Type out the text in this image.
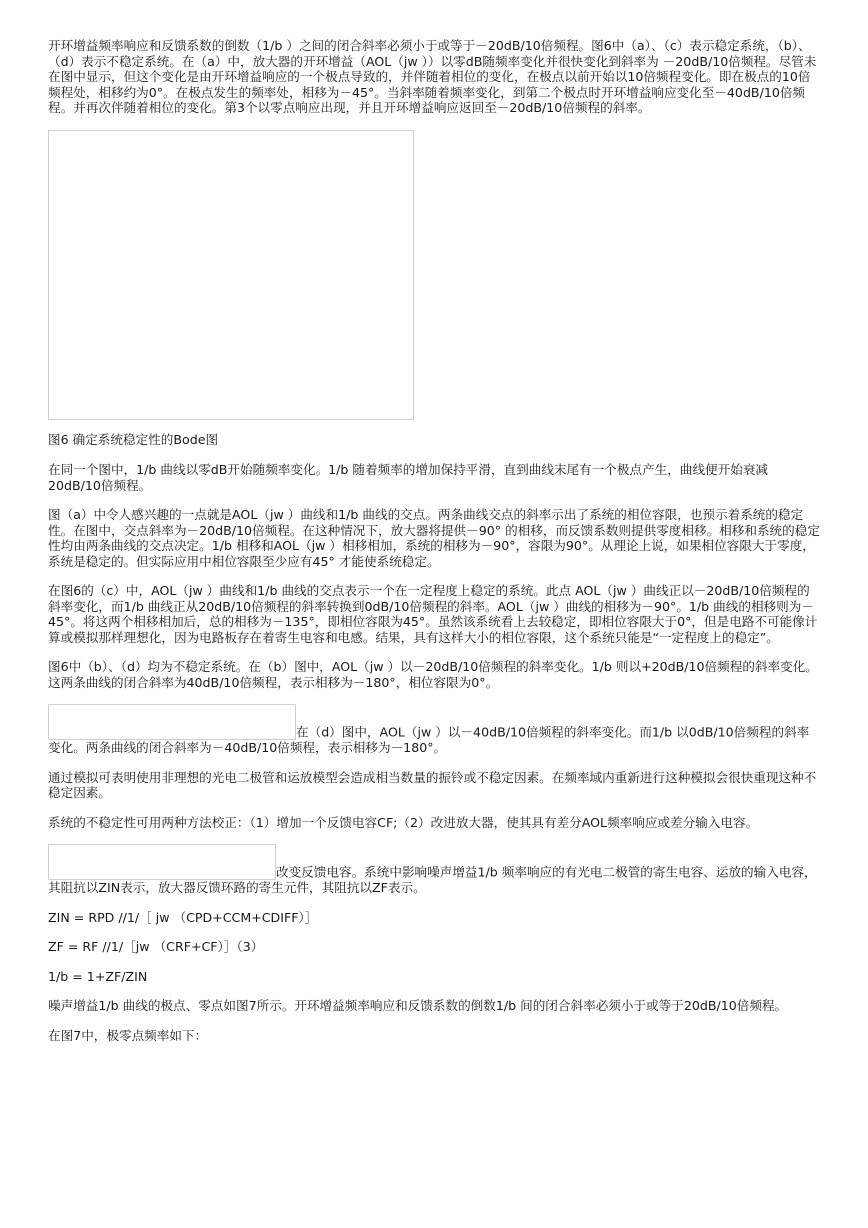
开环增益频率响应和反馈系数的倒数（1/b ）之间的闭合斜率必须小于或等于－20dB/10倍频程。图6中（a）、（c）表示稳定系统，（b）、（d）表示不稳定系统。在（a）中，放大器的开环增益（AOL（jw ））以零dB随频率变化并很快变化到斜率为 －20dB/10倍频程。尽管未在图中显示，但这个变化是由开环增益响应的一个极点导致的，并伴随着相位的变化，在极点以前开始以10倍频程变化。即在极点的10倍频程处，相移约为0°。在极点发生的频率处，相移为－45°。当斜率随着频率变化，到第二个极点时开环增益响应变化至－40dB/10倍频程。并再次伴随着相位的变化。第3个以零点响应出现，并且开环增益响应返回至－20dB/10倍频程的斜率。

图6 确定系统稳定性的Bode图

在同一个图中，1/b 曲线以零dB开始随频率变化。1/b 随着频率的增加保持平滑，直到曲线末尾有一个极点产生，曲线便开始衰减20dB/10倍频程。

图（a）中令人感兴趣的一点就是AOL（jw ）曲线和1/b 曲线的交点。两条曲线交点的斜率示出了系统的相位容限，也预示着系统的稳定性。在图中，交点斜率为－20dB/10倍频程。在这种情况下，放大器将提供－90° 的相移，而反馈系数则提供零度相移。相移和系统的稳定性均由两条曲线的交点决定。1/b 相移和AOL（jw ）相移相加，系统的相移为－90°，容限为90°。从理论上说，如果相位容限大于零度，系统是稳定的。但实际应用中相位容限至少应有45° 才能使系统稳定。

在图6的（c）中，AOL（jw ）曲线和1/b 曲线的交点表示一个在一定程度上稳定的系统。此点 AOL（jw ）曲线正以－20dB/10倍频程的斜率变化，而1/b 曲线正从20dB/10倍频程的斜率转换到0dB/10倍频程的斜率。AOL（jw ）曲线的相移为－90°。1/b 曲线的相移则为－45°。将这两个相移相加后，总的相移为－135°，即相位容限为45°。虽然该系统看上去较稳定，即相位容限大于0°，但是电路不可能像计算或模拟那样理想化，因为电路板存在着寄生电容和电感。结果，具有这样大小的相位容限，这个系统只能是“一定程度上的稳定”。

图6中（b）、（d）均为不稳定系统。在（b）图中，AOL（jw ）以－20dB/10倍频程的斜率变化。1/b 则以+20dB/10倍频程的斜率变化。这两条曲线的闭合斜率为40dB/10倍频程，表示相移为－180°，相位容限为0°。

在（d）图中，AOL（jw ）以－40dB/10倍频程的斜率变化。而1/b 以0dB/10倍频程的斜率变化。两条曲线的闭合斜率为－40dB/10倍频程，表示相移为－180°。

通过模拟可表明使用非理想的光电二极管和运放模型会造成相当数量的振铃或不稳定因素。在频率域内重新进行这种模拟会很快重现这种不稳定因素。

系统的不稳定性可用两种方法校正：（1）增加一个反馈电容CF;（2）改进放大器，使其具有差分AOL频率响应或差分输入电容。

改变反馈电容。系统中影响噪声增益1/b 频率响应的有光电二极管的寄生电容、运放的输入电容，其阻抗以ZIN表示，放大器反馈环路的寄生元件，其阻抗以ZF表示。

ZIN = RPD //1/［ jw （CPD+CCM+CDIFF）］

ZF = RF //1/［jw （CRF+CF）］（3）

1/b = 1+ZF/ZIN

噪声增益1/b 曲线的极点、零点如图7所示。开环增益频率响应和反馈系数的倒数1/b 间的闭合斜率必须小于或等于20dB/10倍频程。

在图7中，极零点频率如下：
